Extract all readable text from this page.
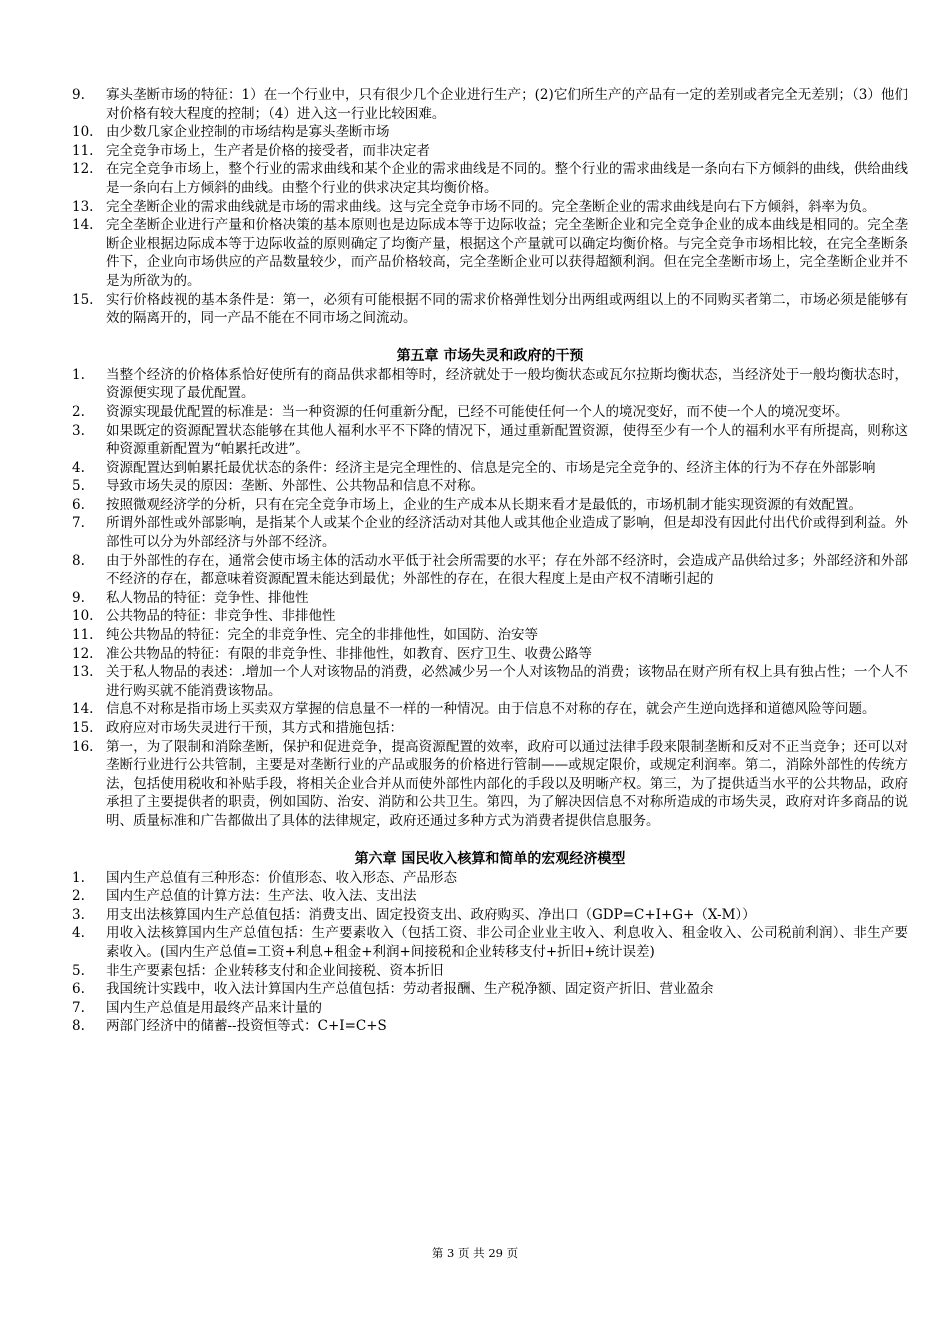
9.	寡头垄断市场的特征：1）在一个行业中，只有很少几个企业进行生产；(2)它们所生产的产品有一定的差别或者完全无差别；（3）他们对价格有较大程度的控制；（4）进入这一行业比较困难。
10. 由少数几家企业控制的市场结构是寡头垄断市场
11. 完全竞争市场上，生产者是价格的接受者，而非决定者
12. 在完全竞争市场上，整个行业的需求曲线和某个企业的需求曲线是不同的。整个行业的需求曲线是一条向右下方倾斜的曲线，供给曲线是一条向右上方倾斜的曲线。由整个行业的供求决定其均衡价格。
13. 完全垄断企业的需求曲线就是市场的需求曲线。这与完全竞争市场不同的。完全垄断企业的需求曲线是向右下方倾斜，斜率为负。
14. 完全垄断企业进行产量和价格决策的基本原则也是边际成本等于边际收益；完全垄断企业和完全竞争企业的成本曲线是相同的。完全垄断企业根据边际成本等于边际收益的原则确定了均衡产量，根据这个产量就可以确定均衡价格。与完全竞争市场相比较，在完全垄断条件下，企业向市场供应的产品数量较少，而产品价格较高，完全垄断企业可以获得超额利润。但在完全垄断市场上，完全垄断企业并不是为所欲为的。
15. 实行价格歧视的基本条件是：第一，必须有可能根据不同的需求价格弹性划分出两组或两组以上的不同购买者第二，市场必须是能够有效的隔离开的，同一产品不能在不同市场之间流动。
第五章 市场失灵和政府的干预
1.	当整个经济的价格体系恰好使所有的商品供求都相等时，经济就处于一般均衡状态或瓦尔拉斯均衡状态，当经济处于一般均衡状态时，资源便实现了最优配置。
2.	资源实现最优配置的标准是：当一种资源的任何重新分配，已经不可能使任何一个人的境况变好，而不使一个人的境况变坏。
3.	如果既定的资源配置状态能够在其他人福利水平不下降的情况下，通过重新配置资源，使得至少有一个人的福利水平有所提高，则称这种资源重新配置为“帕累托改进”。
4.	资源配置达到帕累托最优状态的条件：经济主是完全理性的、信息是完全的、市场是完全竞争的、经济主体的行为不存在外部影响
5.	导致市场失灵的原因：垄断、外部性、公共物品和信息不对称。
6.	按照微观经济学的分析，只有在完全竞争市场上，企业的生产成本从长期来看才是最低的，市场机制才能实现资源的有效配置。
7.	所谓外部性或外部影响，是指某个人或某个企业的经济活动对其他人或其他企业造成了影响，但是却没有因此付出代价或得到利益。外部性可以分为外部经济与外部不经济。
8.	由于外部性的存在，通常会使市场主体的活动水平低于社会所需要的水平；存在外部不经济时，会造成产品供给过多；外部经济和外部不经济的存在，都意味着资源配置未能达到最优；外部性的存在，在很大程度上是由产权不清晰引起的
9.	私人物品的特征：竞争性、排他性
10. 公共物品的特征：非竞争性、非排他性
11. 纯公共物品的特征：完全的非竞争性、完全的非排他性，如国防、治安等
12. 准公共物品的特征：有限的非竞争性、非排他性，如教育、医疗卫生、收费公路等
13. 关于私人物品的表述：.增加一个人对该物品的消费，必然减少另一个人对该物品的消费；该物品在财产所有权上具有独占性；一个人不进行购买就不能消费该物品。
14. 信息不对称是指市场上买卖双方掌握的信息量不一样的一种情况。由于信息不对称的存在，就会产生逆向选择和道德风险等问题。
15. 政府应对市场失灵进行干预，其方式和措施包括：
16. 第一，为了限制和消除垄断，保护和促进竞争，提高资源配置的效率，政府可以通过法律手段来限制垄断和反对不正当竞争；还可以对垄断行业进行公共管制，主要是对垄断行业的产品或服务的价格进行管制——或规定限价，或规定利润率。第二，消除外部性的传统方法，包括使用税收和补贴手段，将相关企业合并从而使外部性内部化的手段以及明晰产权。第三，为了提供适当水平的公共物品，政府承担了主要提供者的职责，例如国防、治安、消防和公共卫生。第四，为了解决因信息不对称所造成的市场失灵，政府对许多商品的说明、质量标准和广告都做出了具体的法律规定，政府还通过多种方式为消费者提供信息服务。
第六章 国民收入核算和简单的宏观经济模型
1.	国内生产总值有三种形态：价值形态、收入形态、产品形态
2.	国内生产总值的计算方法：生产法、收入法、支出法
3.	用支出法核算国内生产总值包括：消费支出、固定投资支出、政府购买、净出口（GDP=C+I+G+（X-M））
4.	用收入法核算国内生产总值包括：生产要素收入（包括工资、非公司企业业主收入、利息收入、租金收入、公司税前利润）、非生产要素收入。(国内生产总值=工资+利息+租金+利润+间接税和企业转移支付+折旧+统计误差)
5.	非生产要素包括：企业转移支付和企业间接税、资本折旧
6.	我国统计实践中，收入法计算国内生产总值包括：劳动者报酬、生产税净额、固定资产折旧、营业盈余
7.	国内生产总值是用最终产品来计量的
8.	两部门经济中的储蓄--投资恒等式：C+I=C+S
第 3 页 共 29 页
